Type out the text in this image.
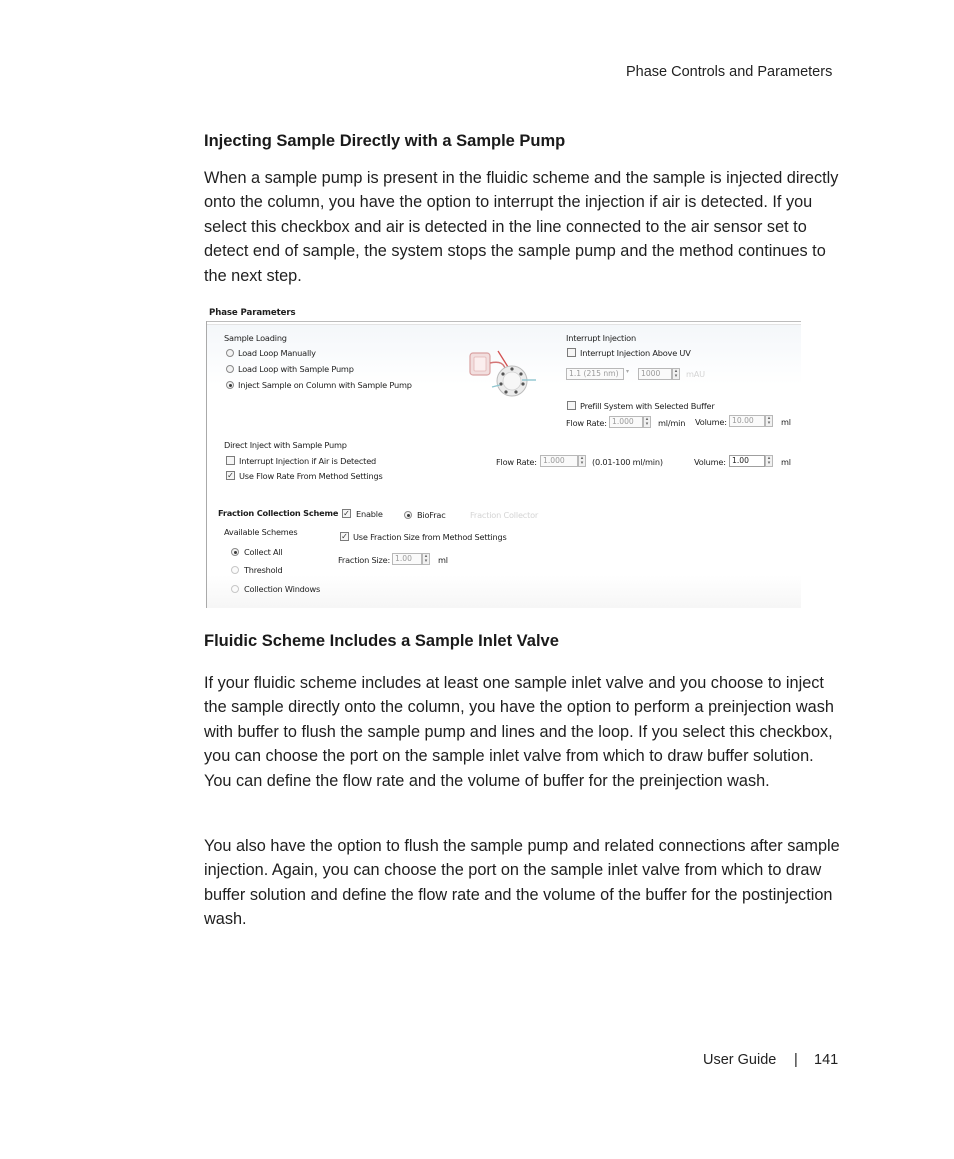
Phase Controls and Parameters
Injecting Sample Directly with a Sample Pump
When a sample pump is present in the fluidic scheme and the sample is injected directly onto the column, you have the option to interrupt the injection if air is detected. If you select this checkbox and air is detected in the line connected to the air sensor set to detect end of sample, the system stops the sample pump and the method continues to the next step.
Phase Parameters
Sample Loading
Load Loop Manually
Load Loop with Sample Pump
Inject Sample on Column with Sample Pump
Interrupt Injection
Interrupt Injection Above UV
1.1 (215 nm)	▾	1000	▴
▾	mAU
Prefill System with Selected Buffer
Flow Rate: 1.000	▴
▾	ml/min Volume: 10.00	▴
▾	ml
Direct Inject with Sample Pump
Interrupt Injection if Air is Detected
✓ Use Flow Rate From Method Settings
Flow Rate: 1.000	▴
▾	(0.01-100 ml/min)	Volume: 1.00	▴
▾	ml
Fraction Collection Scheme ✓ Enable	BioFrac	Fraction Collector
Available Schemes
Collect All
Threshold
Collection Windows
✓ Use Fraction Size from Method Settings
Fraction Size: 1.00	▴
▾	ml
Fluidic Scheme Includes a Sample Inlet Valve
If your fluidic scheme includes at least one sample inlet valve and you choose to inject the sample directly onto the column, you have the option to perform a preinjection wash with buffer to flush the sample pump and lines and the loop. If you select this checkbox, you can choose the port on the sample inlet valve from which to draw buffer solution. You can define the flow rate and the volume of buffer for the preinjection wash.
You also have the option to flush the sample pump and related connections after sample injection. Again, you can choose the port on the sample inlet valve from which to draw buffer solution and define the flow rate and the volume of the buffer for the postinjection wash.
User Guide | 141
